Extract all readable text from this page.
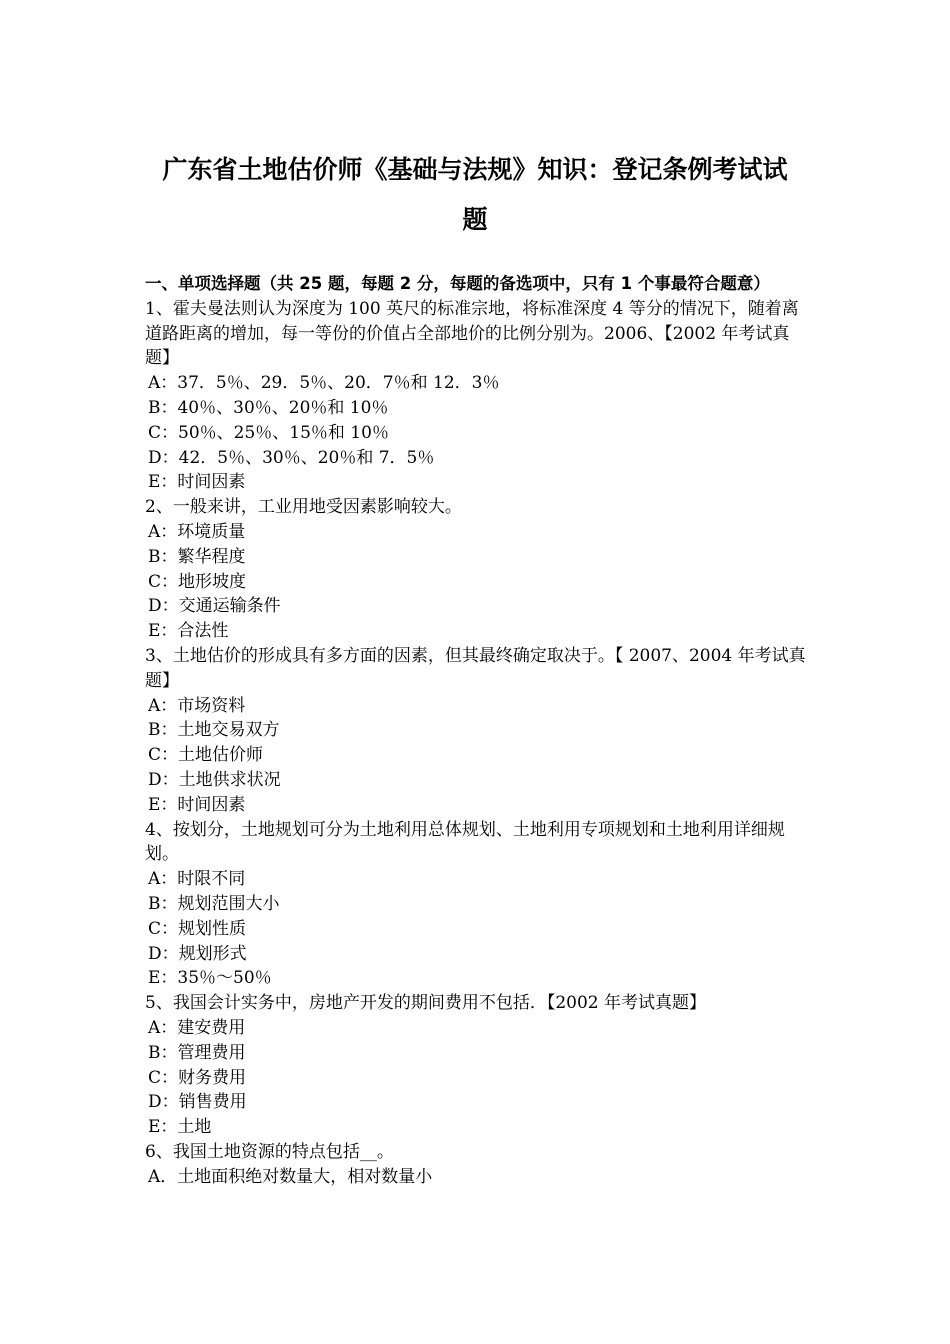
广东省土地估价师《基础与法规》知识：登记条例考试试
题

一、单项选择题（共 25 题，每题 2 分，每题的备选项中，只有 1 个事最符合题意）

1、霍夫曼法则认为深度为 100 英尺的标准宗地，将标准深度 4 等分的情况下，随着离道路距离的增加，每一等份的价值占全部地价的比例分别为。2006、【2002 年考试真题】

A：37．5％、29．5％、20．7％和 12．3％

B：40％、30％、20％和 10％

C：50％、25％、15％和 10％

D：42．5％、30％、20％和 7．5％

E：时间因素

2、一般来讲，工业用地受因素影响较大。

A：环境质量

B：繁华程度

C：地形坡度

D：交通运输条件

E：合法性

3、土地估价的形成具有多方面的因素，但其最终确定取决于。【 2007、2004 年考试真题】

A：市场资料

B：土地交易双方

C：土地估价师

D：土地供求状况

E：时间因素

4、按划分，土地规划可分为土地利用总体规划、土地利用专项规划和土地利用详细规划。

A：时限不同

B：规划范围大小

C：规划性质

D：规划形式

E：35％～50％

5、我国会计实务中，房地产开发的期间费用不包括．【2002 年考试真题】

A：建安费用

B：管理费用

C：财务费用

D：销售费用

E：土地

6、我国土地资源的特点包括__。

A．土地面积绝对数量大，相对数量小
